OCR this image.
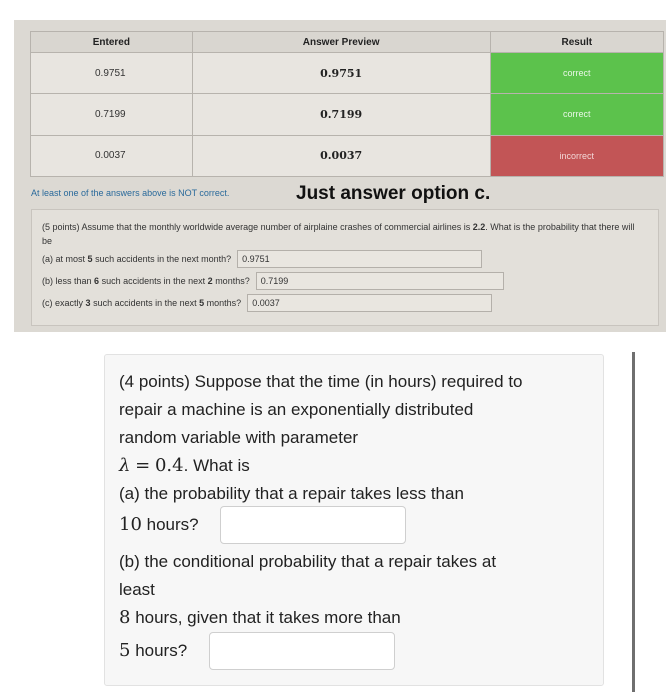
Entered	Answer Preview	Result
0.9751	0.9751	correct
0.7199	0.7199	correct
0.0037	0.0037	incorrect
At least one of the answers above is NOT correct.	Just answer option c.
(5 points) Assume that the monthly worldwide average number of airplaine crashes of commercial airlines is 2.2. What is the probability that there will be
(a) at most
5
such accidents in the next month?	0.9751
(b) less than
6
such accidents in the next
2
months?	0.7199
(c) exactly
3
such accidents in the next
5
months?	0.0037
(4 points) Suppose that the time (in hours) required to
repair a machine is an exponentially distributed
random variable with parameter
λ = 0.4. What is
(a) the probability that a repair takes less than
10 hours?
(b) the conditional probability that a repair takes at
least
8 hours, given that it takes more than
5 hours?
